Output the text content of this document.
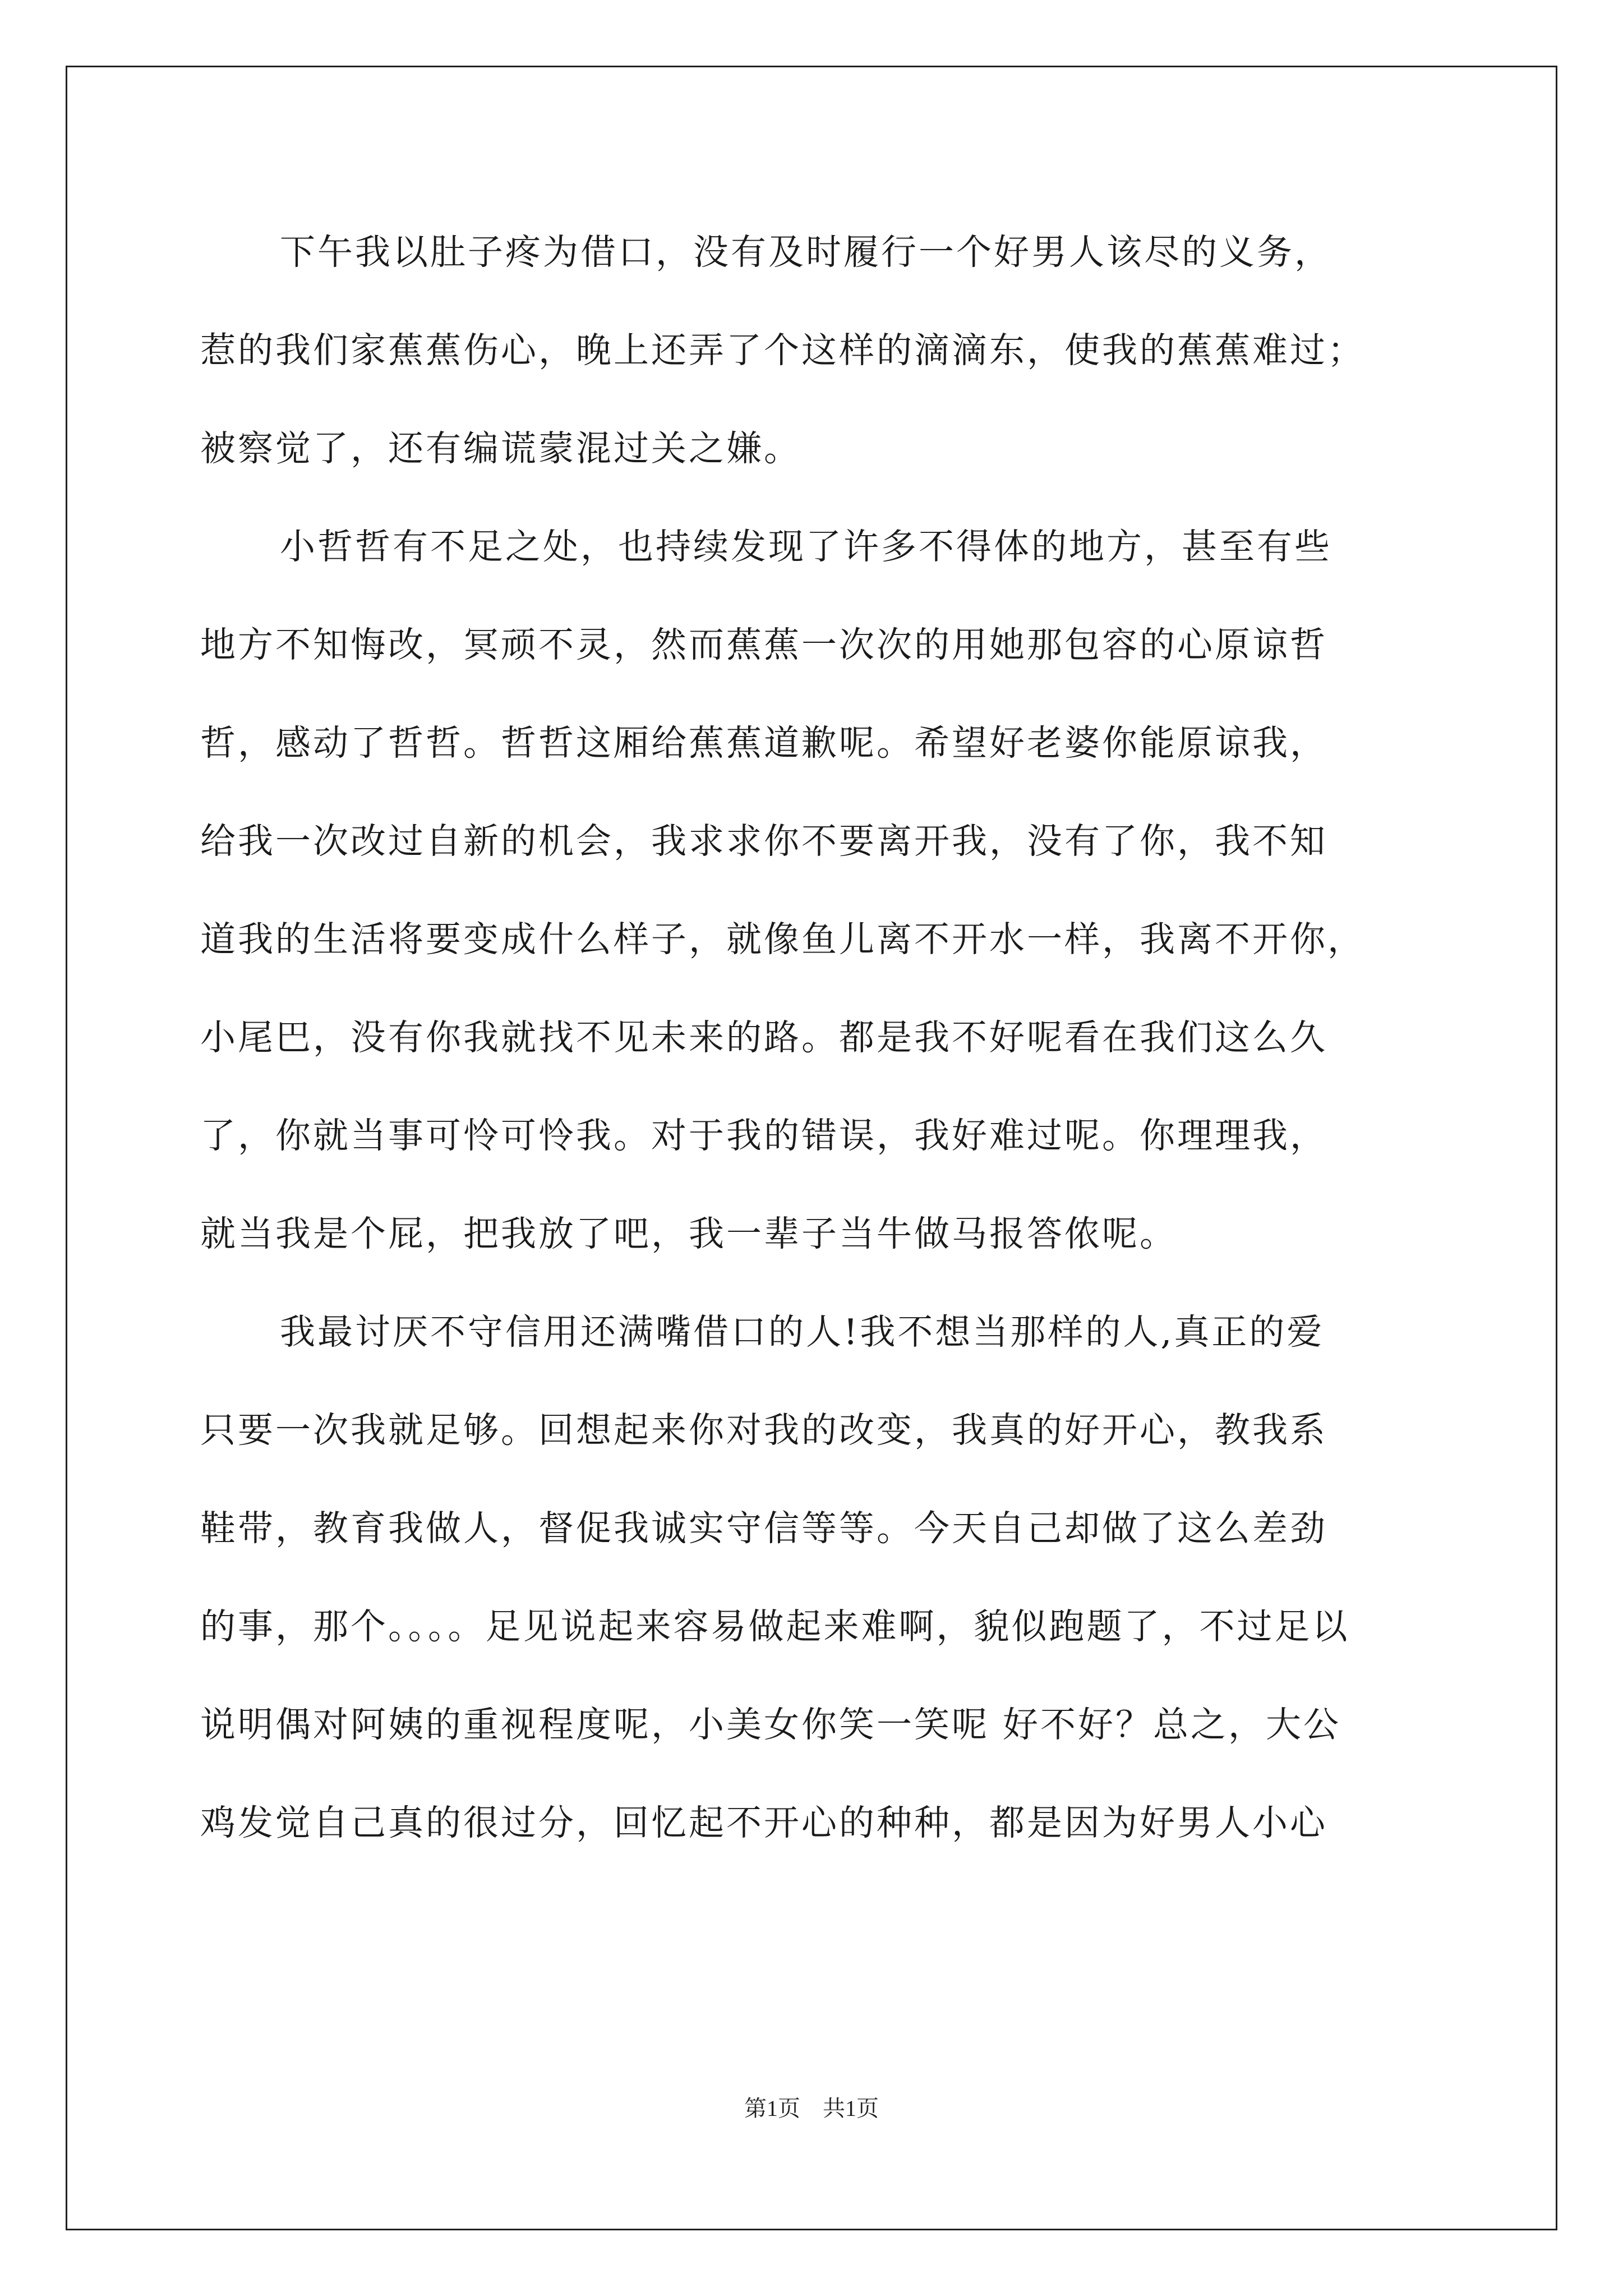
下午我以肚子疼为借口，没有及时履行一个好男人该尽的义务，
惹的我们家蕉蕉伤心，晚上还弄了个这样的滴滴东，使我的蕉蕉难过；
被察觉了，还有编谎蒙混过关之嫌。
小哲哲有不足之处，也持续发现了许多不得体的地方，甚至有些
地方不知悔改，冥顽不灵，然而蕉蕉一次次的用她那包容的心原谅哲
哲，感动了哲哲。哲哲这厢给蕉蕉道歉呢。希望好老婆你能原谅我，
给我一次改过自新的机会，我求求你不要离开我，没有了你，我不知
道我的生活将要变成什么样子，就像鱼儿离不开水一样，我离不开你，
小尾巴，没有你我就找不见未来的路。都是我不好呢看在我们这么久
了，你就当事可怜可怜我。对于我的错误，我好难过呢。你理理我，
就当我是个屁，把我放了吧，我一辈子当牛做马报答侬呢。
我最讨厌不守信用还满嘴借口的人!我不想当那样的人,真正的爱
只要一次我就足够。回想起来你对我的改变，我真的好开心，教我系
鞋带，教育我做人，督促我诚实守信等等。今天自己却做了这么差劲
的事，那个。。。。足见说起来容易做起来难啊，貌似跑题了，不过足以
说明偶对阿姨的重视程度呢，小美女你笑一笑呢 好不好？总之，大公
鸡发觉自己真的很过分，回忆起不开心的种种，都是因为好男人小心
第1页 共1页
